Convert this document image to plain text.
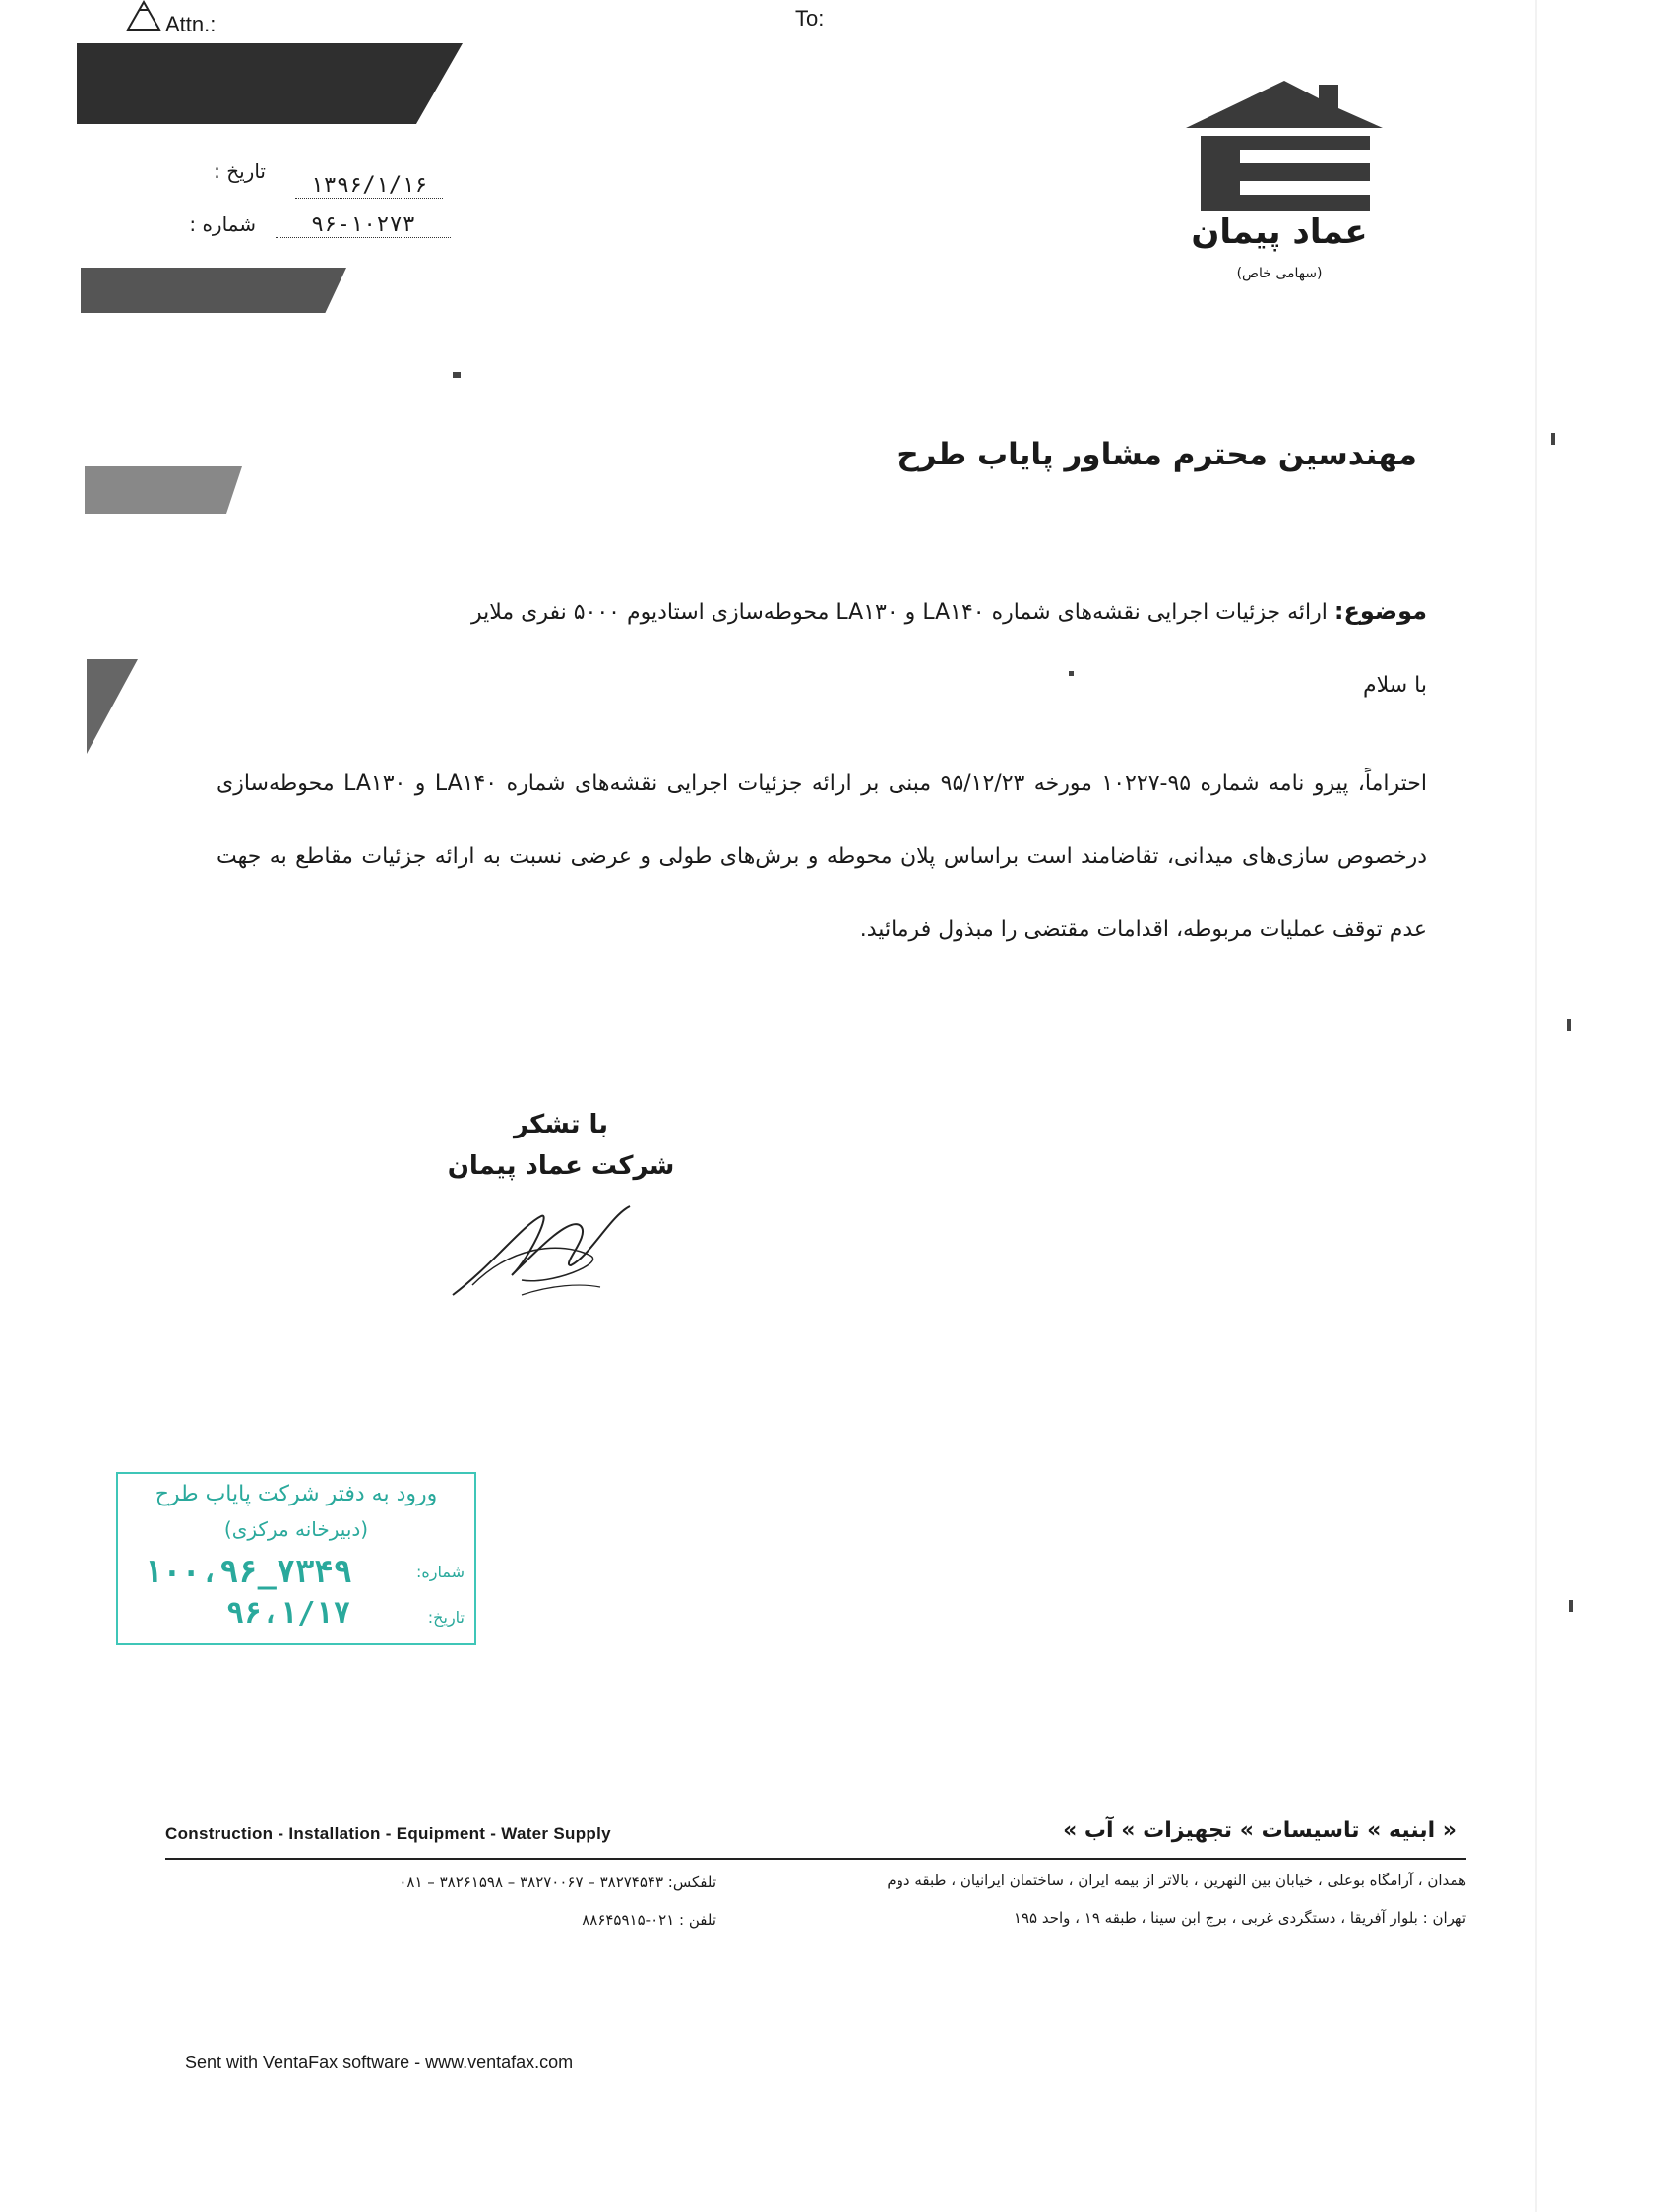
Attn.:	To:
تاریخ :
۱۳۹۶/۱/۱۶
شماره :	۹۶-۱۰۲۷۳	عماد پیمان
(سهامی خاص)
مهندسین محترم مشاور پایاب طرح
موضوع: ارائه جزئیات اجرایی نقشه‌های شماره LA۱۴۰ و LA۱۳۰ محوطه‌سازی استادیوم ۵۰۰۰ نفری ملایر
با سلام
احتراماً، پیرو نامه شماره ۹۵-۱۰۲۲۷ مورخه ۹۵/۱۲/۲۳ مبنی بر ارائه جزئیات اجرایی نقشه‌های شماره LA۱۴۰ و LA۱۳۰ محوطه‌سازی درخصوص سازی‌های میدانی، تقاضامند است براساس پلان محوطه و برش‌های طولی و عرضی نسبت به ارائه جزئیات مقاطع به جهت عدم توقف عملیات مربوطه، اقدامات مقتضی را مبذول فرمائید.
با تشکر
شرکت عماد پیمان
ورود به دفتر شرکت پایاب طرح
(دبیرخانه مرکزی)
شماره:
۱۰۰،۹۶_۷۳۴۹
تاریخ:
۹۶،۱/۱۷
Construction - Installation - Equipment - Water Supply	« ابنیه » تاسیسات » تجهیزات » آب »
همدان ، آرامگاه بوعلی ، خیابان بین النهرین ، بالاتر از بیمه ایران ، ساختمان ایرانیان ، طبقه دوم
تلفکس: ۳۸۲۷۴۵۴۳ – ۳۸۲۷۰۰۶۷ – ۳۸۲۶۱۵۹۸ – ۰۸۱
تهران : بلوار آفریقا ، دستگردی غربی ، برج ابن سینا ، طبقه ۱۹ ، واحد ۱۹۵
تلفن : ۰۲۱-۸۸۶۴۵۹۱۵
Sent with VentaFax software - www.ventafax.com
